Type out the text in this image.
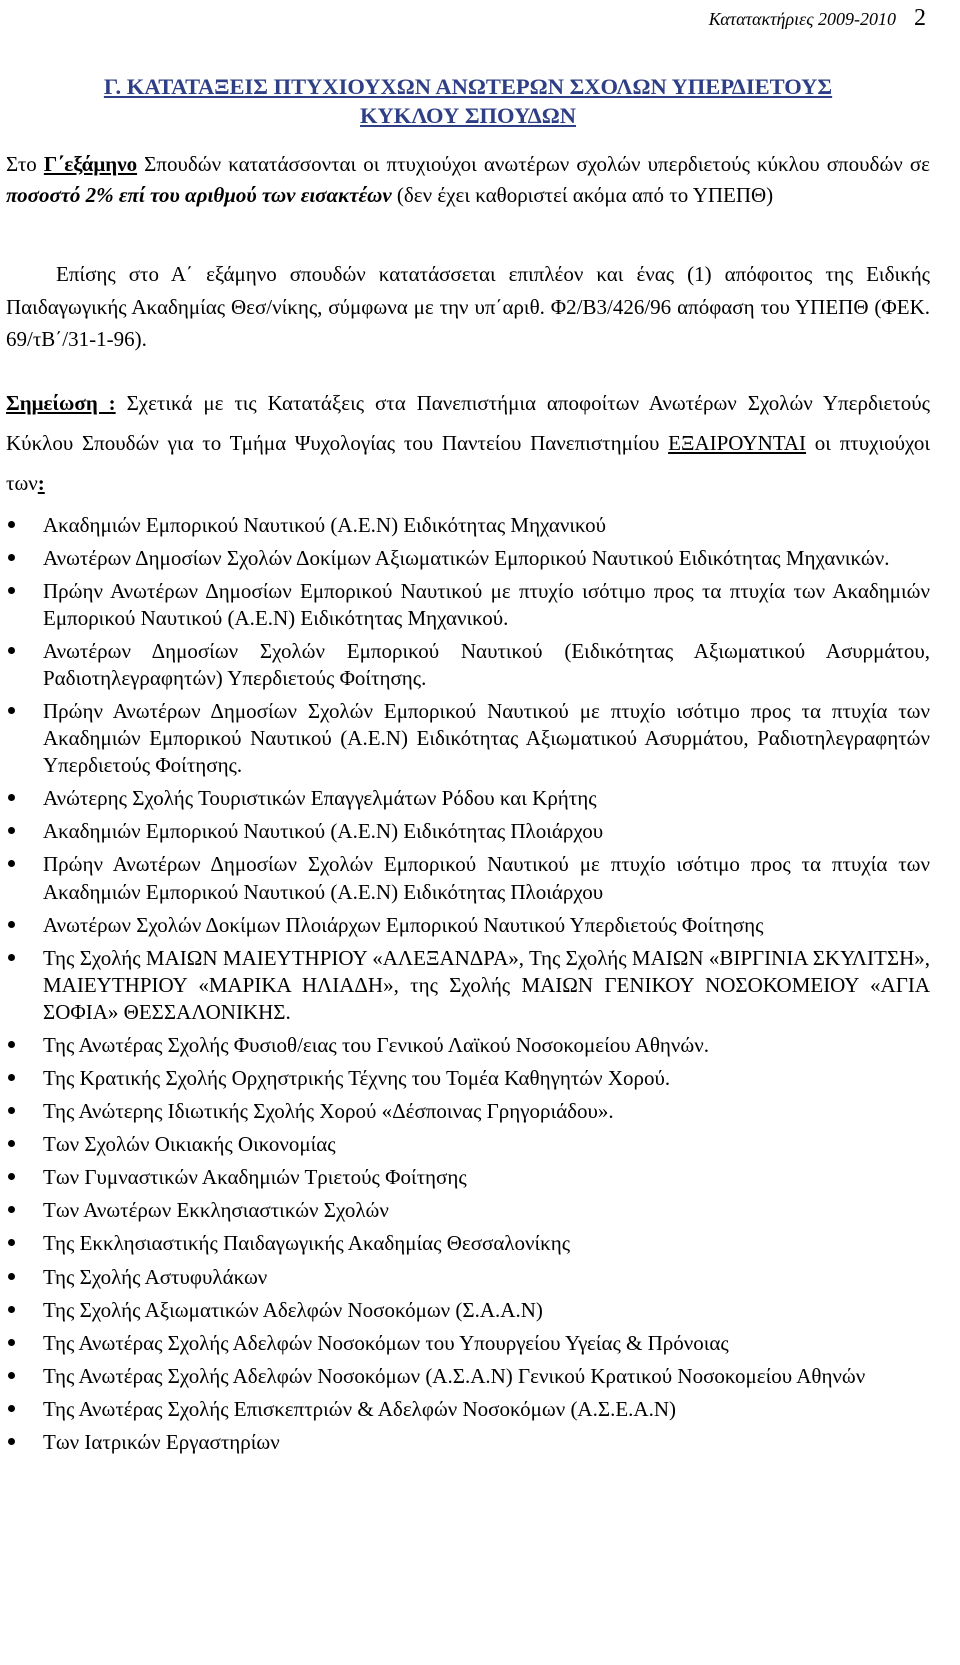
Κατατακτήριες 2009-2010 2
Γ. ΚΑΤΑΤΑΞΕΙΣ ΠΤΥΧΙΟΥΧΩΝ ΑΝΩΤΕΡΩΝ ΣΧΟΛΩΝ ΥΠΕΡΔΙΕΤΟΥΣ
ΚΥΚΛΟΥ ΣΠΟΥΔΩΝ

Στο Γ΄εξάμηνο Σπουδών κατατάσσονται οι πτυχιούχοι ανωτέρων σχολών υπερδιετούς κύκλου σπουδών σε ποσοστό 2% επί του αριθμού των εισακτέων (δεν έχει καθοριστεί ακόμα από το ΥΠΕΠΘ)

Επίσης στο Α΄ εξάμηνο σπουδών κατατάσσεται επιπλέον και ένας (1) απόφοιτος της Ειδικής Παιδαγωγικής Ακαδημίας Θεσ/νίκης, σύμφωνα με την υπ΄αριθ. Φ2/Β3/426/96 απόφαση του ΥΠΕΠΘ (ΦΕΚ. 69/τΒ΄/31-1-96).

Σημείωση : Σχετικά με τις Κατατάξεις στα Πανεπιστήμια αποφοίτων Ανωτέρων Σχολών Υπερδιετούς Κύκλου Σπουδών για το Τμήμα Ψυχολογίας του Παντείου Πανεπιστημίου ΕΞΑΙΡΟΥΝΤΑΙ οι πτυχιούχοι των:

Ακαδημιών Εμπορικού Ναυτικού (Α.Ε.Ν) Ειδικότητας Μηχανικού
Ανωτέρων Δημοσίων Σχολών Δοκίμων Αξιωματικών Εμπορικού Ναυτικού Ειδικότητας Μηχανικών.
Πρώην Ανωτέρων Δημοσίων Εμπορικού Ναυτικού με πτυχίο ισότιμο προς τα πτυχία των Ακαδημιών Εμπορικού Ναυτικού (Α.Ε.Ν) Ειδικότητας Μηχανικού.
Ανωτέρων Δημοσίων Σχολών Εμπορικού Ναυτικού (Ειδικότητας Αξιωματικού Ασυρμάτου, Ραδιοτηλεγραφητών) Υπερδιετούς Φοίτησης.
Πρώην Ανωτέρων Δημοσίων Σχολών Εμπορικού Ναυτικού με πτυχίο ισότιμο προς τα πτυχία των Ακαδημιών Εμπορικού Ναυτικού (Α.Ε.Ν) Ειδικότητας Αξιωματικού Ασυρμάτου, Ραδιοτηλεγραφητών Υπερδιετούς Φοίτησης.
Ανώτερης Σχολής Τουριστικών Επαγγελμάτων Ρόδου και Κρήτης
Ακαδημιών Εμπορικού Ναυτικού (Α.Ε.Ν) Ειδικότητας Πλοιάρχου
Πρώην Ανωτέρων Δημοσίων Σχολών Εμπορικού Ναυτικού με πτυχίο ισότιμο προς τα πτυχία των Ακαδημιών Εμπορικού Ναυτικού (Α.Ε.Ν) Ειδικότητας Πλοιάρχου
Ανωτέρων Σχολών Δοκίμων Πλοιάρχων Εμπορικού Ναυτικού Υπερδιετούς Φοίτησης
Της Σχολής ΜΑΙΩΝ ΜΑΙΕΥΤΗΡΙΟΥ «ΑΛΕΞΑΝΔΡΑ», Της Σχολής ΜΑΙΩΝ «ΒΙΡΓΙΝΙΑ ΣΚΥΛΙΤΣΗ», ΜΑΙΕΥΤΗΡΙΟΥ «ΜΑΡΙΚΑ ΗΛΙΑΔΗ», της Σχολής ΜΑΙΩΝ ΓΕΝΙΚΟΥ ΝΟΣΟΚΟΜΕΙΟΥ «ΑΓΙΑ ΣΟΦΙΑ» ΘΕΣΣΑΛΟΝΙΚΗΣ.
Της Ανωτέρας Σχολής Φυσιοθ/ειας του Γενικού Λαϊκού Νοσοκομείου Αθηνών.
Της Κρατικής Σχολής Ορχηστρικής Τέχνης του Τομέα Καθηγητών Χορού.
Της Ανώτερης Ιδιωτικής Σχολής Χορού «Δέσποινας Γρηγοριάδου».
Των Σχολών Οικιακής Οικονομίας
Των Γυμναστικών Ακαδημιών Τριετούς Φοίτησης
Των Ανωτέρων Εκκλησιαστικών Σχολών
Της Εκκλησιαστικής Παιδαγωγικής Ακαδημίας Θεσσαλονίκης
Της Σχολής Αστυφυλάκων
Της Σχολής Αξιωματικών Αδελφών Νοσοκόμων (Σ.Α.Α.Ν)
Της Ανωτέρας Σχολής Αδελφών Νοσοκόμων του Υπουργείου Υγείας & Πρόνοιας
Της Ανωτέρας Σχολής Αδελφών Νοσοκόμων (Α.Σ.Α.Ν) Γενικού Κρατικού Νοσοκομείου Αθηνών
Της Ανωτέρας Σχολής Επισκεπτριών & Αδελφών Νοσοκόμων (Α.Σ.Ε.Α.Ν)
Των Ιατρικών Εργαστηρίων
